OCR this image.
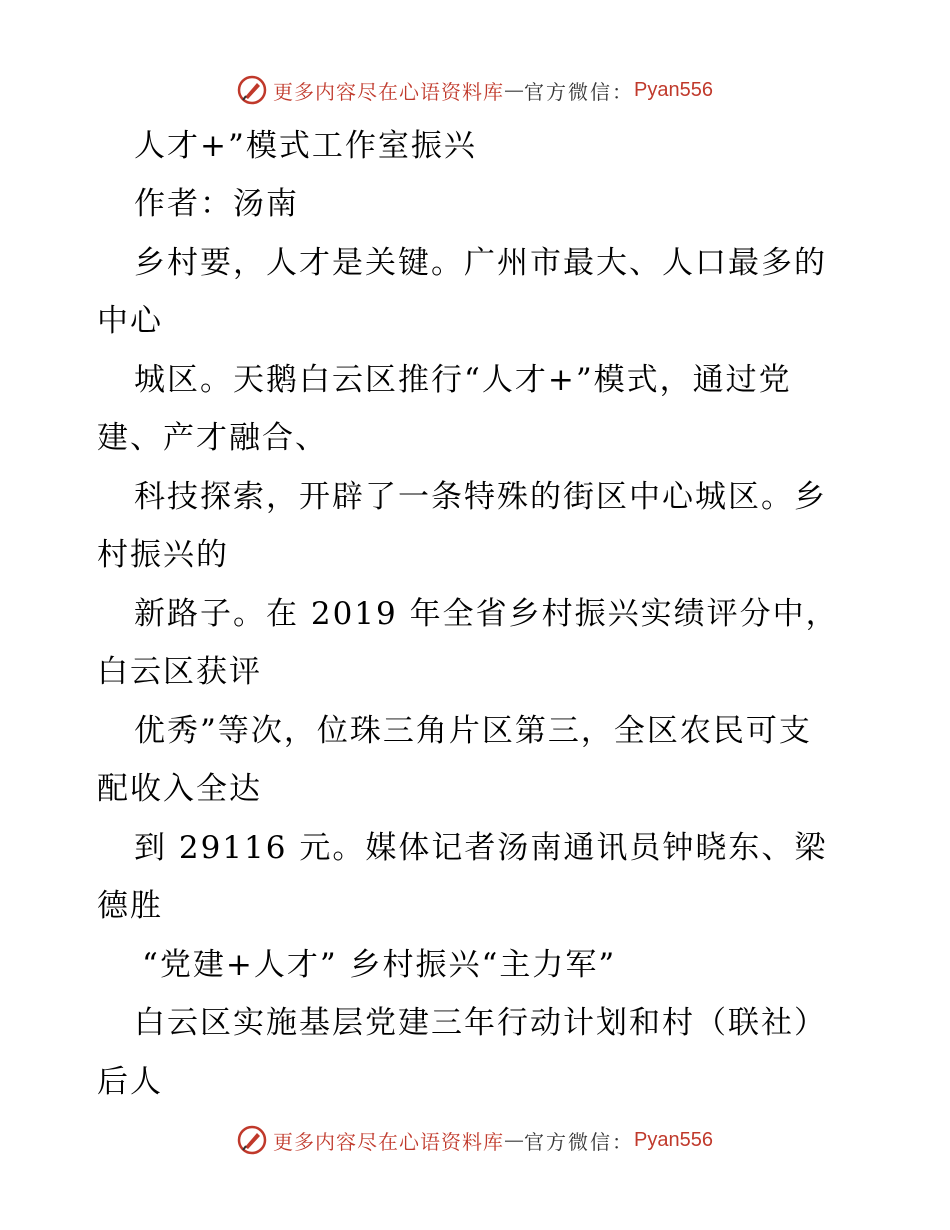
更多内容尽在心语资料库 — 官方微信： Pyan556
人才+”模式工作室振兴
作者：汤南
乡村要，人才是关键。广州市最大、人口最多的
中心
城区。天鹅白云区推行“人才+”模式，通过党
建、产才融合、
科技探索，开辟了一条特殊的街区中心城区。乡
村振兴的
新路子。在 2019 年全省乡村振兴实绩评分中，
白云区获评
优秀”等次，位珠三角片区第三，全区农民可支
配收入全达
到 29116 元。媒体记者汤南通讯员钟晓东、梁
德胜
“党建+人才” 乡村振兴“主力军”
白云区实施基层党建三年行动计划和村（联社）
后人
更多内容尽在心语资料库 — 官方微信： Pyan556
